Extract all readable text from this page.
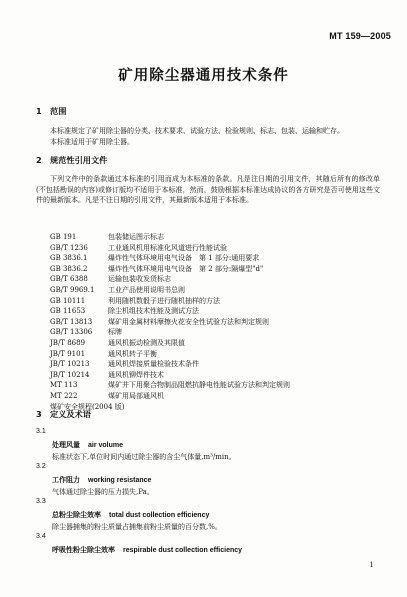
MT 159—2005
矿用除尘器通用技术条件
1 范围
本标准规定了矿用除尘器的分类、技术要求、试验方法、检验规则、标志、包装、运输和贮存。
本标准适用于矿用除尘器。
2 规范性引用文件
下列文件中的条款通过本标准的引用而成为本标准的条款。凡是注日期的引用文件，其随后所有的修改单(不包括勘误的内容)或修订版均不适用于本标准，然而，鼓励根据本标准达成协议的各方研究是否可使用这些文件的最新版本。凡是不注日期的引用文件，其最新版本适用于本标准。
GB 191	包装储运图示标志
GB/T 1236	工业通风机用标准化风道进行性能试验
GB 3836.1	爆炸性气体环境用电气设备　第 1 部分:通用要求
GB 3836.2	爆炸性气体环境用电气设备　第 2 部分:隔爆型"d"
GB/T 6388	运输包装收发货标志
GB/T 9969.1 工业产品使用说明书总则
GB 10111	利用随机数骰子进行随机抽样的方法
GB 11653	除尘机组技术性能及测试方法
GB/T 13813 煤矿用金属材料摩擦火花安全性试验方法和判定规则
GB/T 13306 标牌
JB/T 8689	通风机振动检测及其限值
JB/T 9101	通风机转子平衡
JB/T 10213	通风机焊接质量检验技术条件
JB/T 10214	通风机铆焊件技术
MT 113	煤矿井下用聚合物制品阻燃抗静电性能试验方法和判定规则
MT 222	煤矿用局部通风机
煤矿安全规程(2004 版)
3 定义及术语
3.1
处理风量 air volume
标准状态下,单位时间内通过除尘器的含尘气体量,m³/min。
3.2
工作阻力 working resistance
气体通过除尘器的压力损失,Pa。
3.3
总粉尘除尘效率 total dust collection efficiency
除尘器捕集的粉尘质量占捕集前粉尘质量的百分数,%。
3.4
呼吸性粉尘除尘效率 respirable dust collection efficiency
1
